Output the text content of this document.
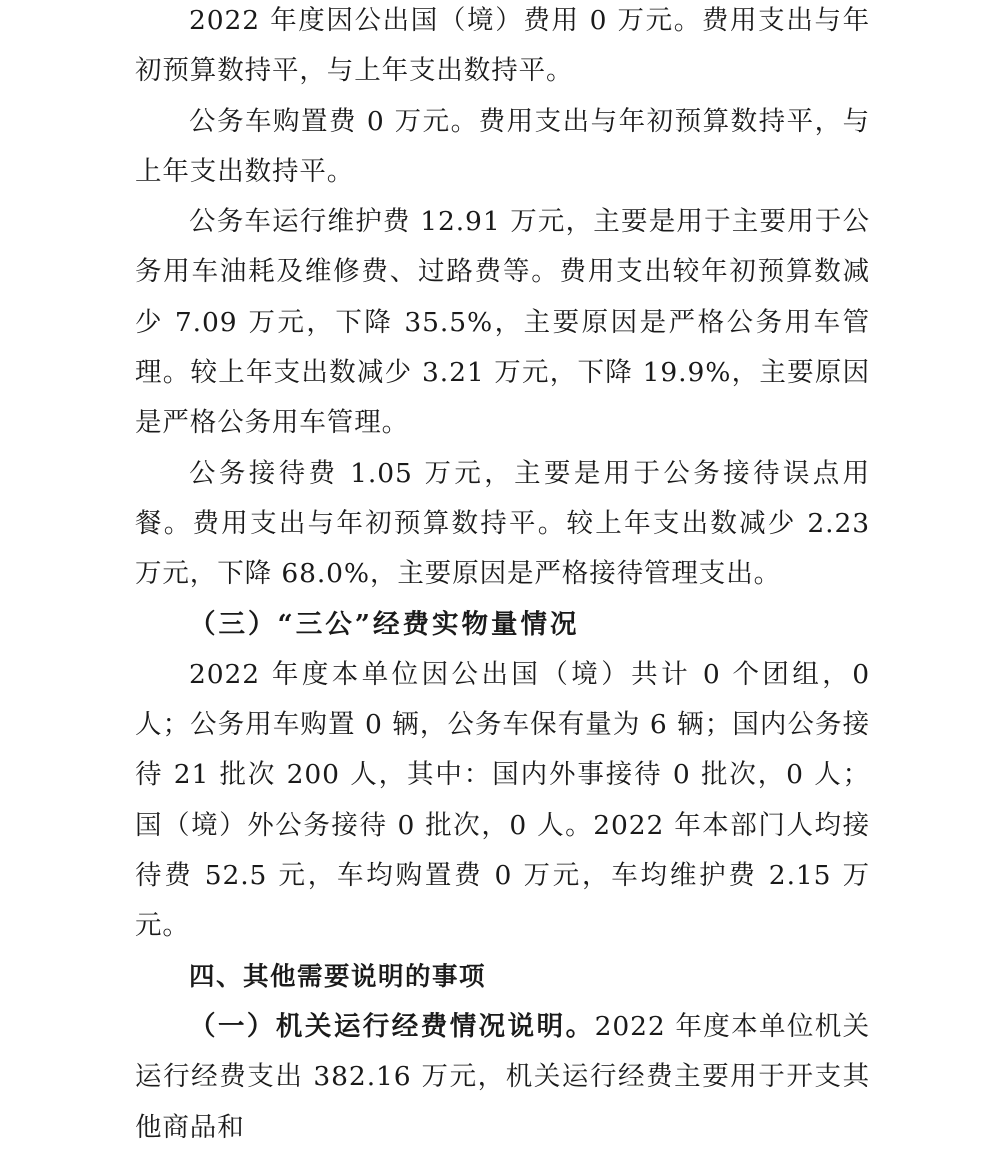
2022 年度因公出国（境）费用 0 万元。费用支出与年初预算数持平，与上年支出数持平。

公务车购置费 0 万元。费用支出与年初预算数持平，与上年支出数持平。

公务车运行维护费 12.91 万元，主要是用于主要用于公务用车油耗及维修费、过路费等。费用支出较年初预算数减少 7.09 万元，下降 35.5%，主要原因是严格公务用车管理。较上年支出数减少 3.21 万元，下降 19.9%，主要原因是严格公务用车管理。

公务接待费 1.05 万元，主要是用于公务接待误点用餐。费用支出与年初预算数持平。较上年支出数减少 2.23 万元，下降 68.0%，主要原因是严格接待管理支出。

（三）“三公”经费实物量情况

2022 年度本单位因公出国（境）共计 0 个团组，0 人；公务用车购置 0 辆，公务车保有量为 6 辆；国内公务接待 21 批次 200 人，其中：国内外事接待 0 批次，0 人；国（境）外公务接待 0 批次，0 人。2022 年本部门人均接待费 52.5 元，车均购置费 0 万元，车均维护费 2.15 万元。

四、其他需要说明的事项

（一）机关运行经费情况说明。2022 年度本单位机关运行经费支出 382.16 万元，机关运行经费主要用于开支其他商品和
